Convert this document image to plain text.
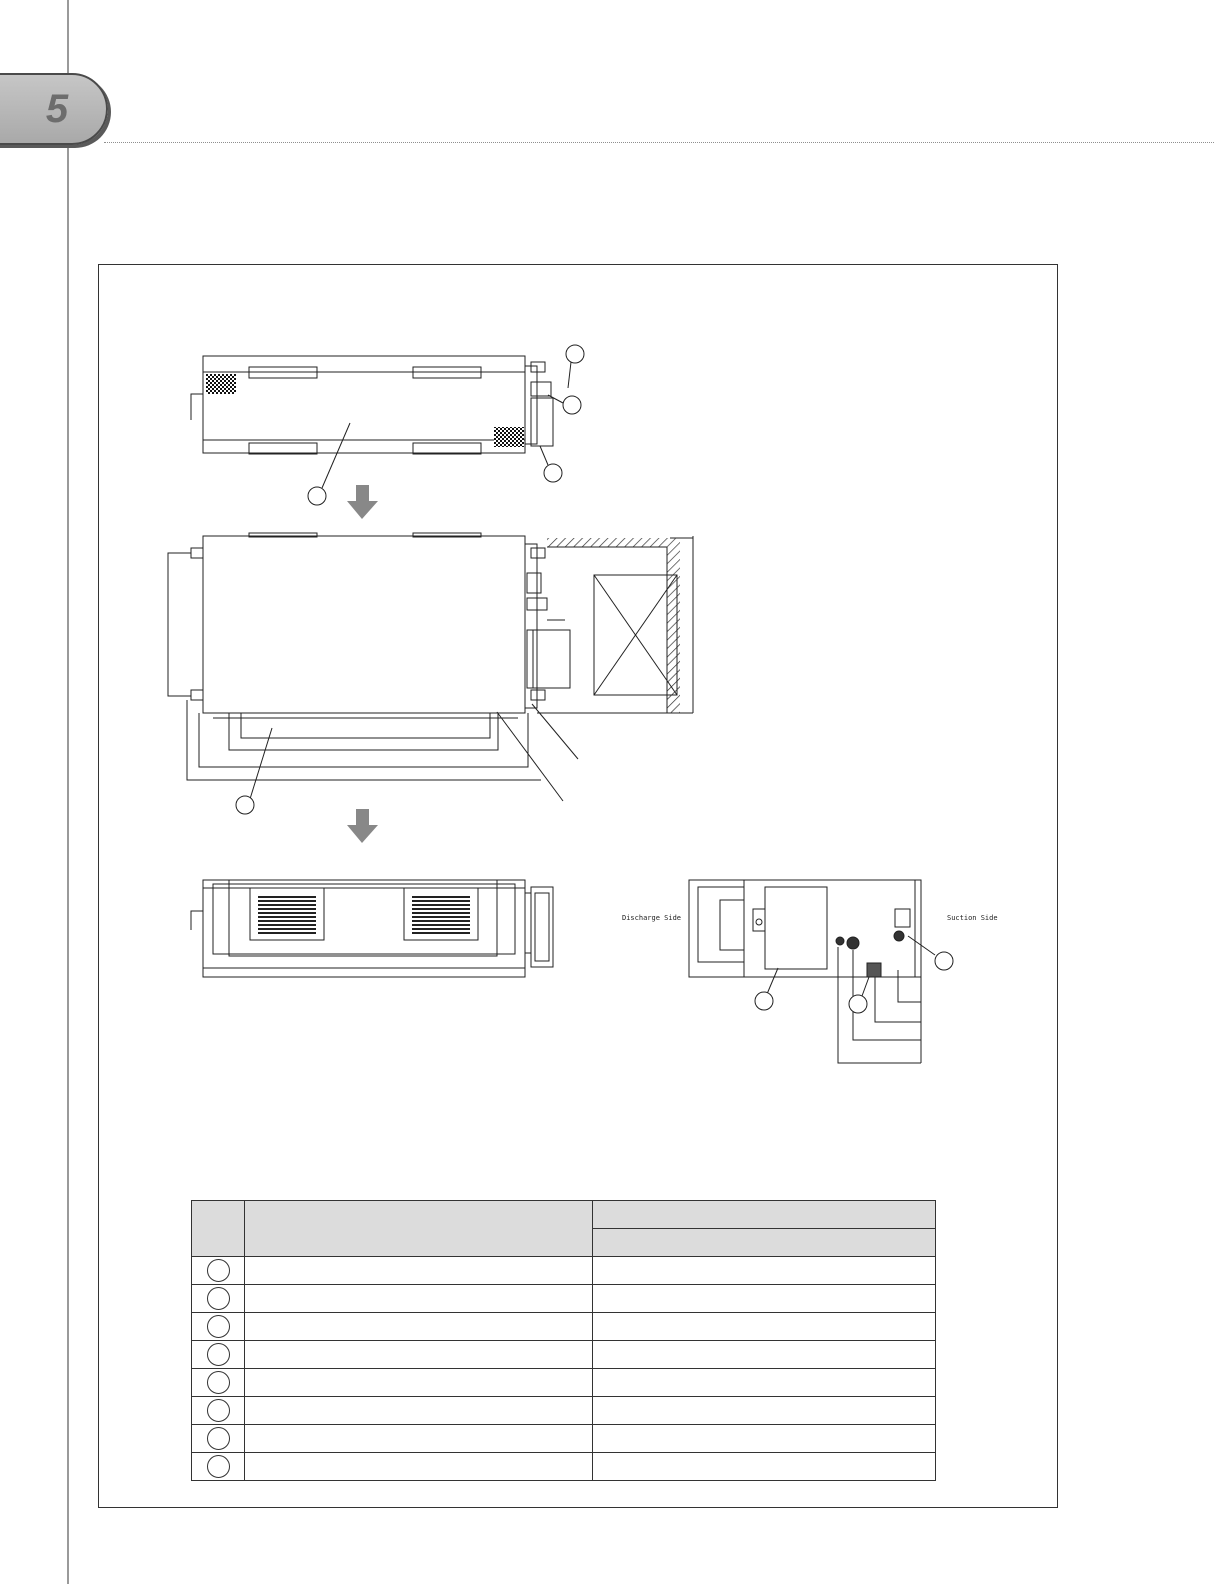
5
Discharge Side	Suction Side
